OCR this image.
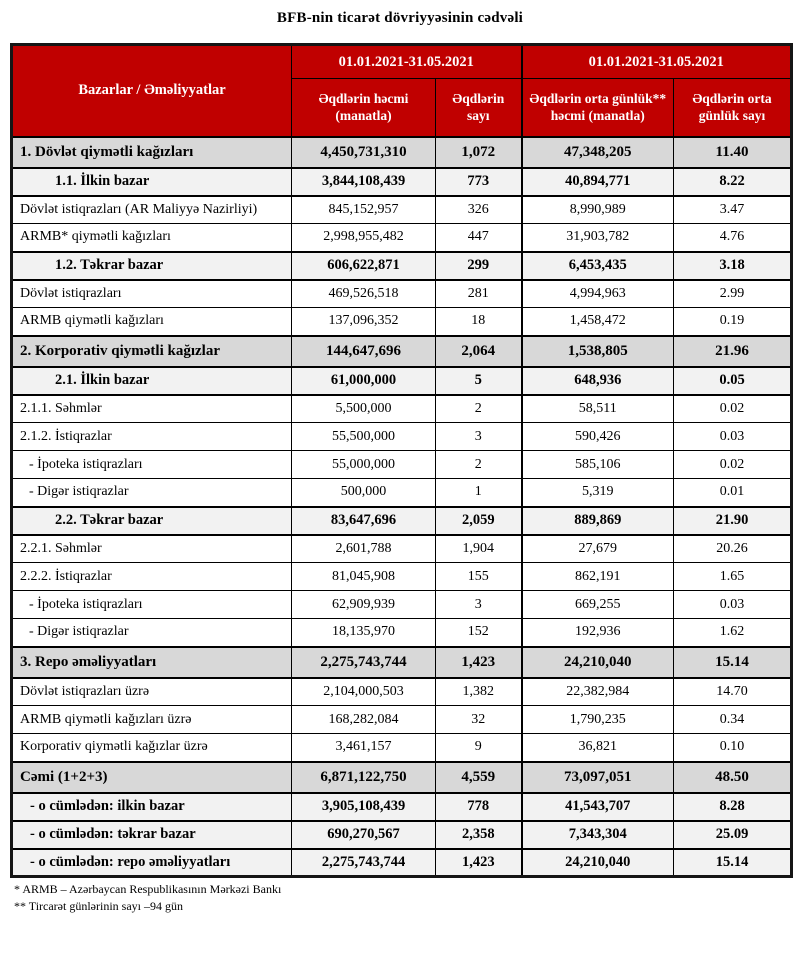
BFB-nin ticarət dövriyyəsinin cədvəli
Bazarlar / Əməliyyatlar	01.01.2021-31.05.2021		01.01.2021-31.05.2021	
	Əqdlərin həcmi (manatla)	Əqdlərin sayı	Əqdlərin orta günlük** həcmi (manatla)	Əqdlərin orta günlük sayı
1. Dövlət qiymətli kağızları	4,450,731,310	1,072	47,348,205	11.40
1.1. İlkin bazar	3,844,108,439	773	40,894,771	8.22
Dövlət istiqrazları (AR Maliyyə Nazirliyi)	845,152,957	326	8,990,989	3.47
ARMB* qiymətli kağızları	2,998,955,482	447	31,903,782	4.76
1.2. Təkrar bazar	606,622,871	299	6,453,435	3.18
Dövlət istiqrazları	469,526,518	281	4,994,963	2.99
ARMB qiymətli kağızları	137,096,352	18	1,458,472	0.19
2. Korporativ qiymətli kağızlar	144,647,696	2,064	1,538,805	21.96
2.1. İlkin bazar	61,000,000	5	648,936	0.05
2.1.1. Səhmlər	5,500,000	2	58,511	0.02
2.1.2. İstiqrazlar	55,500,000	3	590,426	0.03
- İpoteka istiqrazları	55,000,000	2	585,106	0.02
- Digər istiqrazlar	500,000	1	5,319	0.01
2.2. Təkrar bazar	83,647,696	2,059	889,869	21.90
2.2.1. Səhmlər	2,601,788	1,904	27,679	20.26
2.2.2. İstiqrazlar	81,045,908	155	862,191	1.65
- İpoteka istiqrazları	62,909,939	3	669,255	0.03
- Digər istiqrazlar	18,135,970	152	192,936	1.62
3. Repo əməliyyatları	2,275,743,744	1,423	24,210,040	15.14
Dövlət istiqrazları üzrə	2,104,000,503	1,382	22,382,984	14.70
ARMB qiymətli kağızları üzrə	168,282,084	32	1,790,235	0.34
Korporativ qiymətli kağızlar üzrə	3,461,157	9	36,821	0.10
Cəmi (1+2+3)	6,871,122,750	4,559	73,097,051	48.50
- o cümlədən: ilkin bazar	3,905,108,439	778	41,543,707	8.28
- o cümlədən: təkrar bazar	690,270,567	2,358	7,343,304	25.09
- o cümlədən: repo əməliyyatları	2,275,743,744	1,423	24,210,040	15.14
* ARMB – Azərbaycan Respublikasının Mərkəzi Bankı
** Tircarət günlərinin sayı –94 gün
